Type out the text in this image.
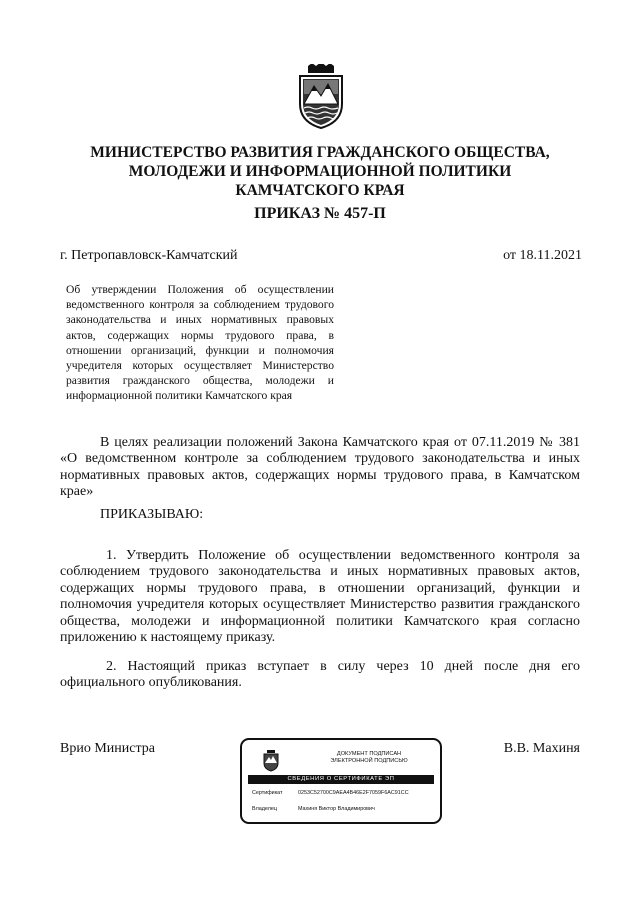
МИНИСТЕРСТВО РАЗВИТИЯ ГРАЖДАНСКОГО ОБЩЕСТВА,
МОЛОДЕЖИ И ИНФОРМАЦИОННОЙ ПОЛИТИКИ
КАМЧАТСКОГО КРАЯ
ПРИКАЗ № 457-П
г. Петропавловск-Камчатский	от 18.11.2021
Об утверждении Положения об осуществлении ведомственного контроля за соблюдением трудового законодательства и иных нормативных правовых актов, содержащих нормы трудового права, в отношении организаций, функции и полномочия учредителя которых осуществляет Министерство развития гражданского общества, молодежи и информационной политики Камчатского края
В целях реализации положений Закона Камчатского края от 07.11.2019 № 381 «О ведомственном контроле за соблюдением трудового законодательства и иных нормативных правовых актов, содержащих нормы трудового права, в Камчатском крае»
ПРИКАЗЫВАЮ:
1. Утвердить Положение об осуществлении ведомственного контроля за соблюдением трудового законодательства и иных нормативных правовых актов, содержащих нормы трудового права, в отношении организаций, функции и полномочия учредителя которых осуществляет Министерство развития гражданского общества, молодежи и информационной политики Камчатского края согласно приложению к настоящему приказу.
2. Настоящий приказ вступает в силу через 10 дней после дня его официального опубликования.
Врио Министра	В.В. Махиня
ДОКУМЕНТ ПОДПИСАН
ЭЛЕКТРОННОЙ ПОДПИСЬЮ
СВЕДЕНИЯ О СЕРТИФИКАТЕ ЭП
Сертификат	0253C52700C9AEA4B46E2F7059F6AC91CC
Владелец	Махиня Виктор Владимирович
